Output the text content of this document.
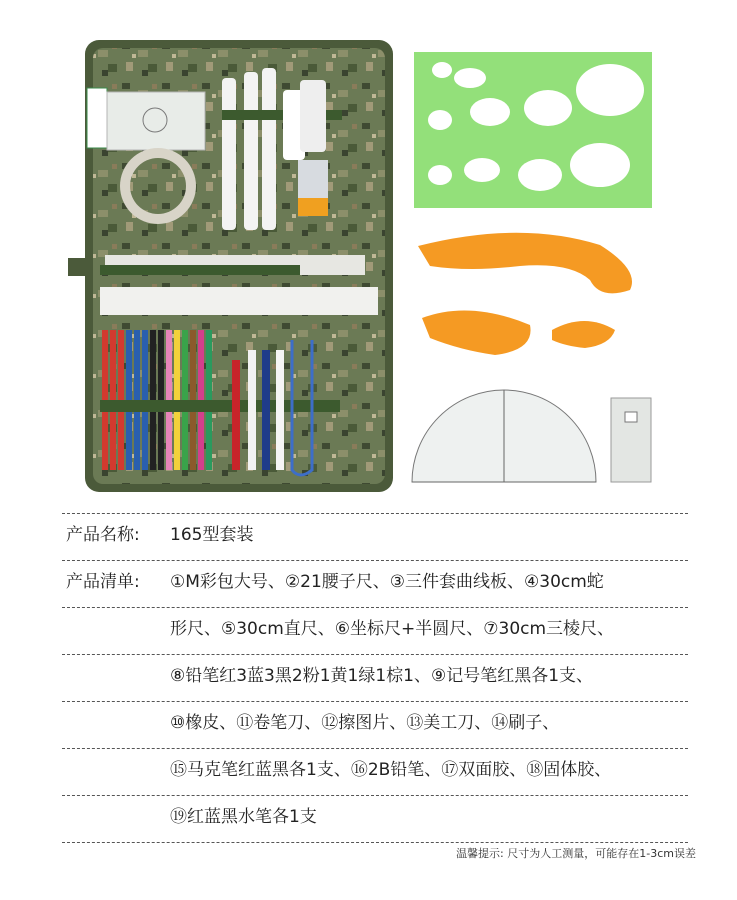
产品名称: 165型套装
产品清单: ①M彩包大号、②21腰子尺、③三件套曲线板、④30cm蛇
形尺、⑤30cm直尺、⑥坐标尺+半圆尺、⑦30cm三棱尺、
⑧铅笔红3蓝3黑2粉1黄1绿1棕1、⑨记号笔红黑各1支、
⑩橡皮、⑪卷笔刀、⑫擦图片、⑬美工刀、⑭刷子、
⑮马克笔红蓝黑各1支、⑯2B铅笔、⑰双面胶、⑱固体胶、
⑲红蓝黑水笔各1支
温馨提示: 尺寸为人工测量，可能存在1-3cm误差
